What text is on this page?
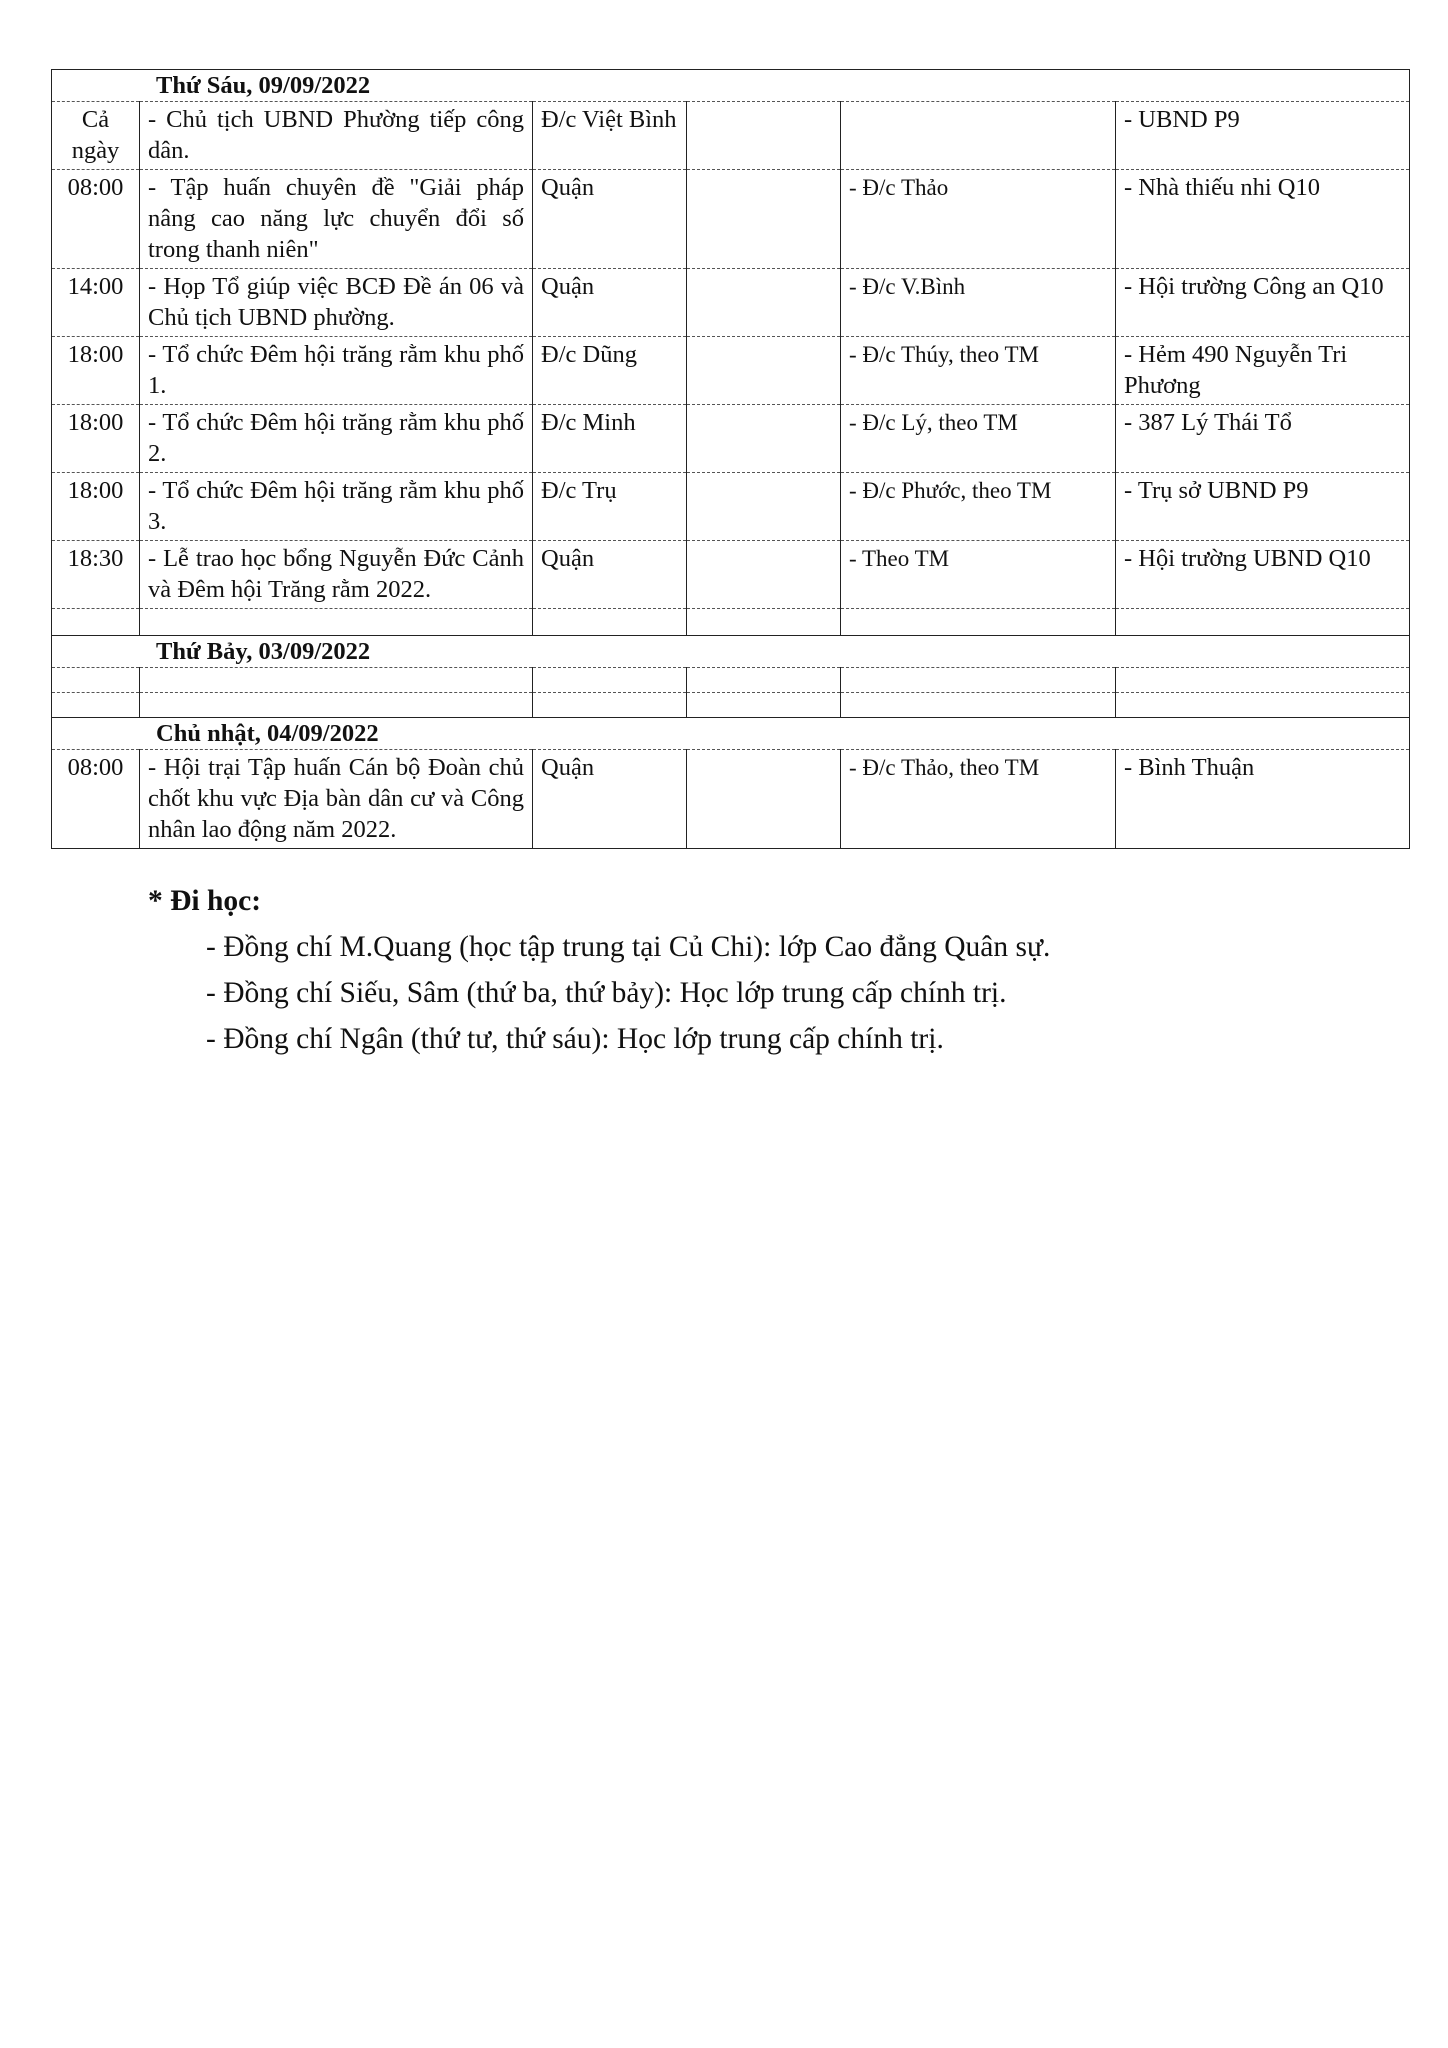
Thứ Sáu, 09/09/2022					
Cả ngày	- Chủ tịch UBND Phường tiếp công dân.	Đ/c Việt Bình			- UBND P9
08:00	- Tập huấn chuyên đề "Giải pháp nâng cao năng lực chuyển đổi số trong thanh niên"	Quận		- Đ/c Thảo	- Nhà thiếu nhi Q10
14:00	- Họp Tổ giúp việc BCĐ Đề án 06 và Chủ tịch UBND phường.	Quận		- Đ/c V.Bình	- Hội trường Công an Q10
18:00	- Tổ chức Đêm hội trăng rằm khu phố 1.	Đ/c Dũng		- Đ/c Thúy, theo TM	- Hẻm 490 Nguyễn Tri Phương
18:00	- Tổ chức Đêm hội trăng rằm khu phố 2.	Đ/c Minh		- Đ/c Lý, theo TM	- 387 Lý Thái Tổ
18:00	- Tổ chức Đêm hội trăng rằm khu phố 3.	Đ/c Trụ		- Đ/c Phước, theo TM	- Trụ sở UBND P9
18:30	- Lễ trao học bổng Nguyễn Đức Cảnh và Đêm hội Trăng rằm 2022.	Quận		- Theo TM	- Hội trường UBND Q10

Thứ Bảy, 03/09/2022					

Chủ nhật, 04/09/2022					
08:00	- Hội trại Tập huấn Cán bộ Đoàn chủ chốt khu vực Địa bàn dân cư và Công nhân lao động năm 2022.	Quận		- Đ/c Thảo, theo TM	- Bình Thuận
* Đi học:
- Đồng chí M.Quang (học tập trung tại Củ Chi): lớp Cao đẳng Quân sự.
- Đồng chí Siếu, Sâm (thứ ba, thứ bảy): Học lớp trung cấp chính trị.
- Đồng chí Ngân (thứ tư, thứ sáu): Học lớp trung cấp chính trị.
